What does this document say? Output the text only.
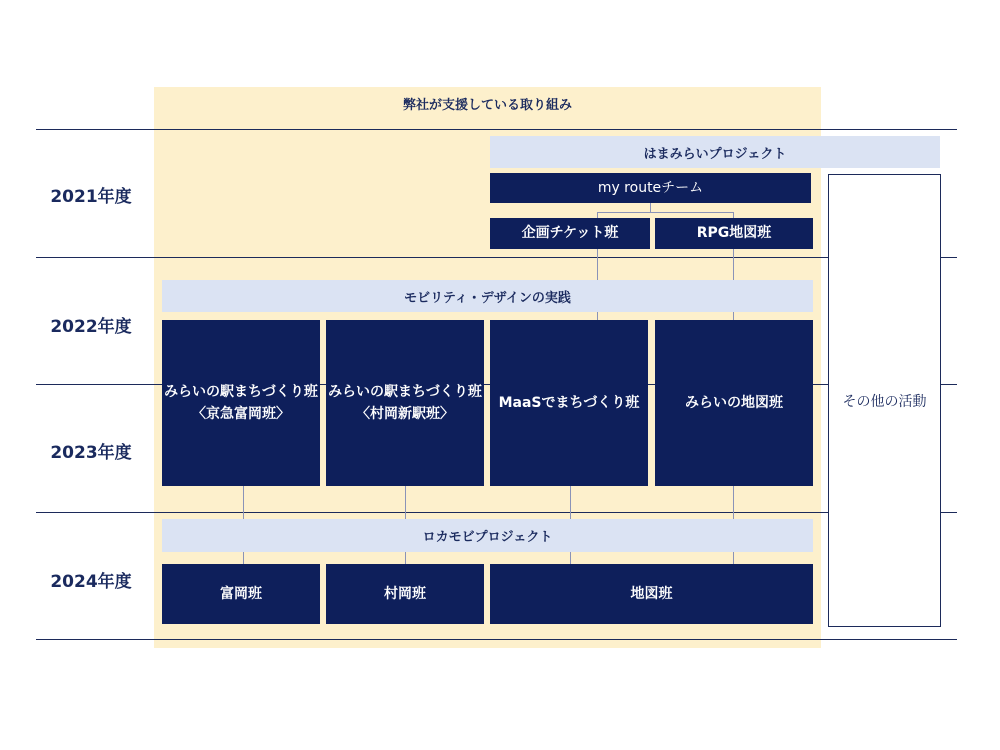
弊社が支援している取り組み
2021年度
2022年度
2023年度
2024年度
はまみらいプロジェクト
my routeチーム
企画チケット班	RPG地図班
モビリティ・デザインの実践
みらいの駅まちづくり班
〈京急富岡班〉
みらいの駅まちづくり班
〈村岡新駅班〉
MaaSでまちづくり班	みらいの地図班
ロカモビプロジェクト
富岡班	村岡班	地図班
その他の活動
